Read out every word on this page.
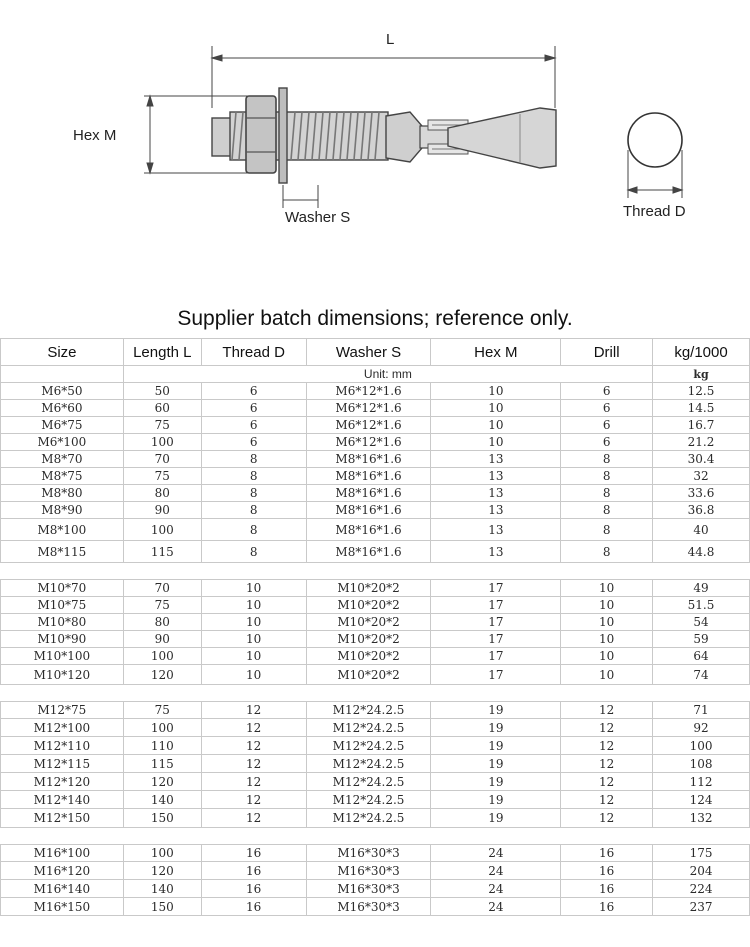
L
Hex M
Washer S	Thread D
Supplier batch dimensions; reference only.
Size	Length L	Thread D	Washer S	Hex M	Drill	kg/1000
	Unit: mm					kg
M6*50	50	6	M6*12*1.6	10	6	12.5
M6*60	60	6	M6*12*1.6	10	6	14.5
M6*75	75	6	M6*12*1.6	10	6	16.7
M6*100	100	6	M6*12*1.6	10	6	21.2
M8*70	70	8	M8*16*1.6	13	8	30.4
M8*75	75	8	M8*16*1.6	13	8	32
M8*80	80	8	M8*16*1.6	13	8	33.6
M8*90	90	8	M8*16*1.6	13	8	36.8
M8*100	100	8	M8*16*1.6	13	8	40
M8*115	115	8	M8*16*1.6	13	8	44.8

M10*70	70	10	M10*20*2	17	10	49
M10*75	75	10	M10*20*2	17	10	51.5
M10*80	80	10	M10*20*2	17	10	54
M10*90	90	10	M10*20*2	17	10	59
M10*100	100	10	M10*20*2	17	10	64
M10*120	120	10	M10*20*2	17	10	74

M12*75	75	12	M12*24.2.5	19	12	71
M12*100	100	12	M12*24.2.5	19	12	92
M12*110	110	12	M12*24.2.5	19	12	100
M12*115	115	12	M12*24.2.5	19	12	108
M12*120	120	12	M12*24.2.5	19	12	112
M12*140	140	12	M12*24.2.5	19	12	124
M12*150	150	12	M12*24.2.5	19	12	132

M16*100	100	16	M16*30*3	24	16	175
M16*120	120	16	M16*30*3	24	16	204
M16*140	140	16	M16*30*3	24	16	224
M16*150	150	16	M16*30*3	24	16	237
